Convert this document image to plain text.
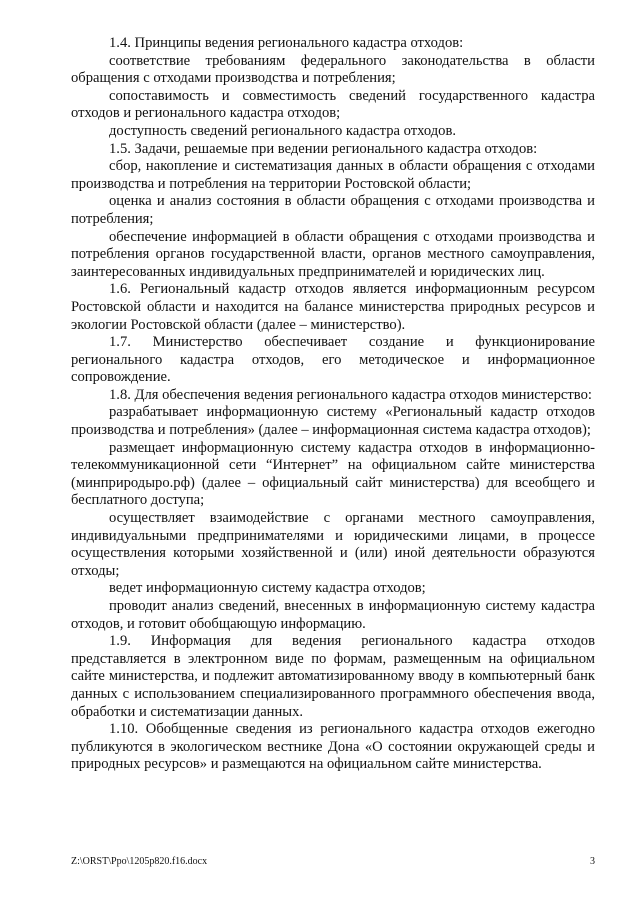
1.4. Принципы ведения регионального кадастра отходов:

соответствие требованиям федерального законодательства в области обращения с отходами производства и потребления;

сопоставимость и совместимость сведений государственного кадастра отходов и регионального кадастра отходов;

доступность сведений регионального кадастра отходов.

1.5. Задачи, решаемые при ведении регионального кадастра отходов:

сбор, накопление и систематизация данных в области обращения с отходами производства и потребления на территории Ростовской области;

оценка и анализ состояния в области обращения с отходами производства и потребления;

обеспечение информацией в области обращения с отходами производства и потребления органов государственной власти, органов местного самоуправления, заинтересованных индивидуальных предпринимателей и юридических лиц.

1.6. Региональный кадастр отходов является информационным ресурсом Ростовской области и находится на балансе министерства природных ресурсов и экологии Ростовской области (далее – министерство).

1.7. Министерство обеспечивает создание и функционирование регионального кадастра отходов, его методическое и информационное сопровождение.

1.8. Для обеспечения ведения регионального кадастра отходов министерство:

разрабатывает информационную систему «Региональный кадастр отходов производства и потребления» (далее – информационная система кадастра отходов);

размещает информационную систему кадастра отходов в информационно-телекоммуникационной сети “Интернет” на официальном сайте министерства (минприродыро.рф) (далее – официальный сайт министерства) для всеобщего и бесплатного доступа;

осуществляет взаимодействие с органами местного самоуправления, индивидуальными предпринимателями и юридическими лицами, в процессе осуществления которыми хозяйственной и (или) иной деятельности образуются отходы;

ведет информационную систему кадастра отходов;

проводит анализ сведений, внесенных в информационную систему кадастра отходов, и готовит обобщающую информацию.

1.9. Информация для ведения регионального кадастра отходов представляется в электронном виде по формам, размещенным на официальном сайте министерства, и подлежит автоматизированному вводу в компьютерный банк данных с использованием специализированного программного обеспечения ввода, обработки и систематизации данных.

1.10. Обобщенные сведения из регионального кадастра отходов ежегодно публикуются в экологическом вестнике Дона «О состоянии окружающей среды и природных ресурсов» и размещаются на официальном сайте министерства.

Z:\ORST\Ppo\1205p820.f16.docx	3
